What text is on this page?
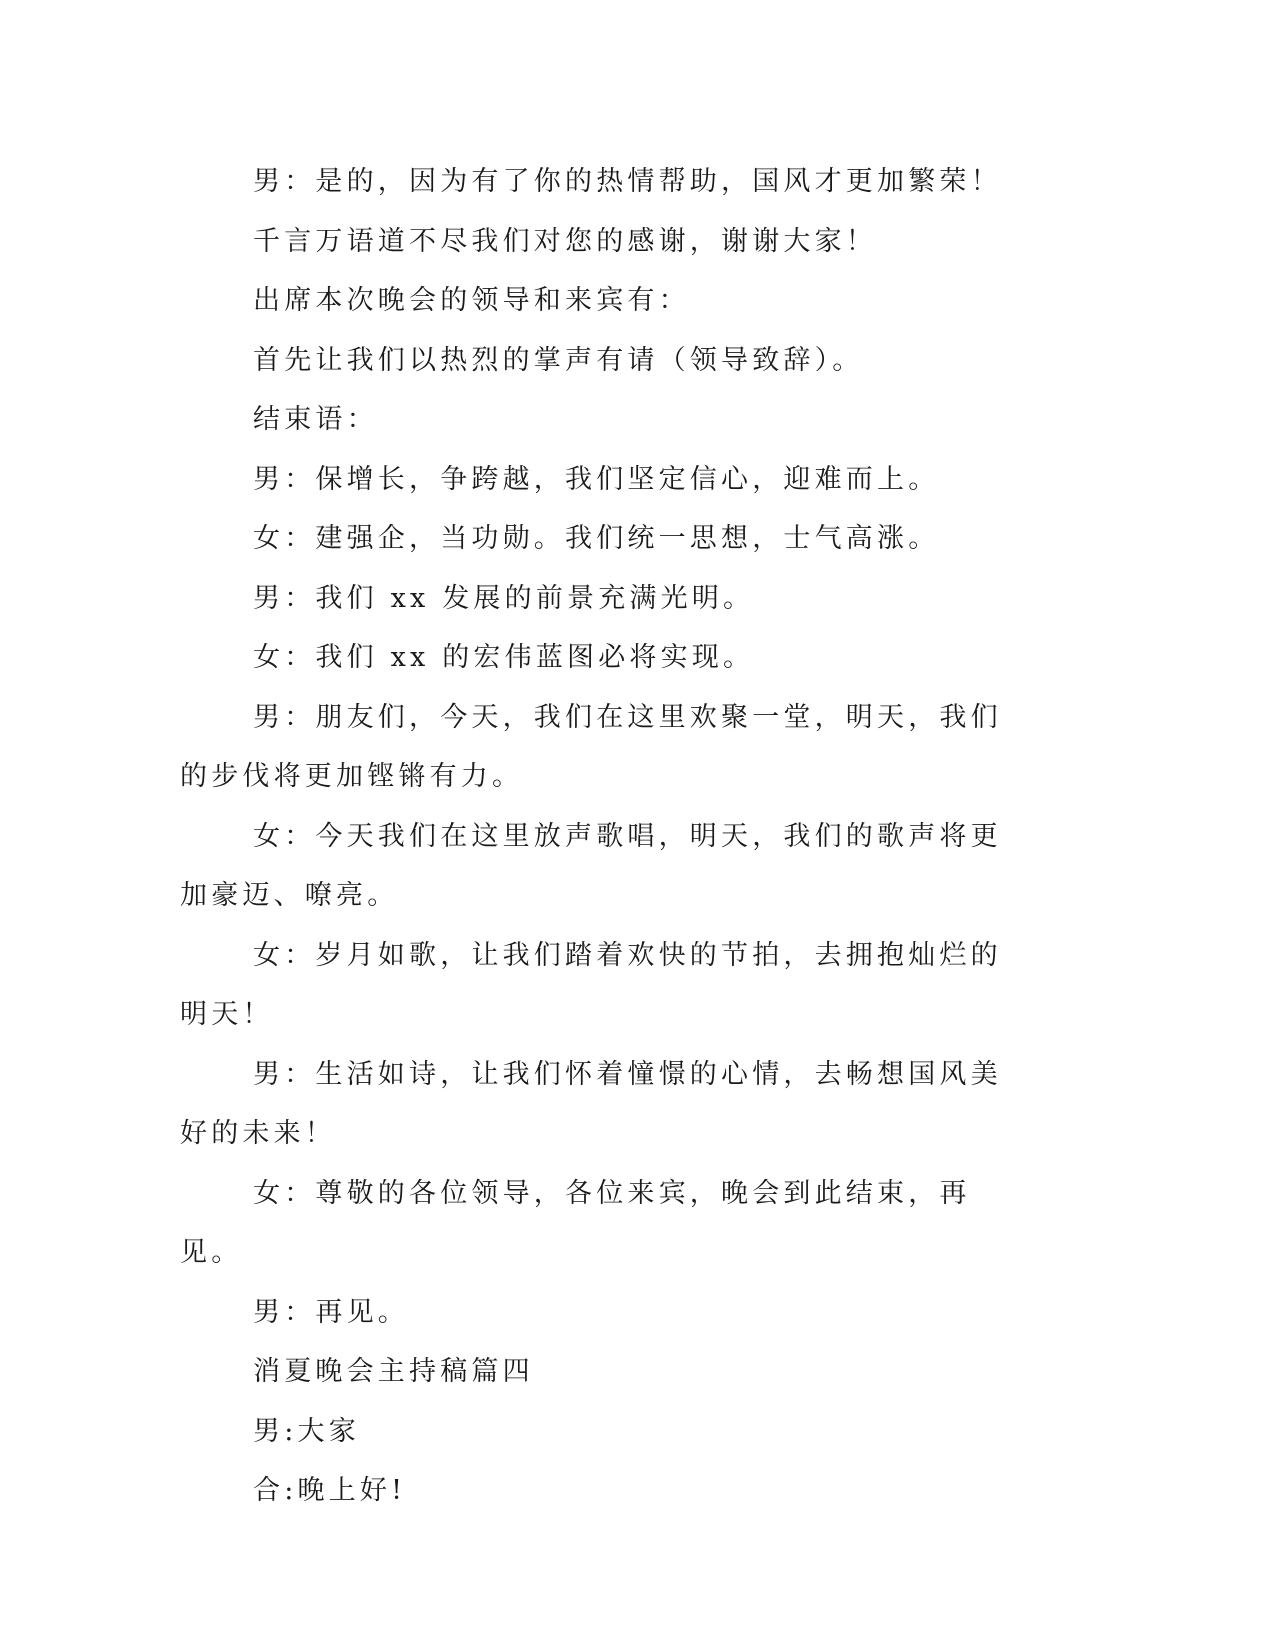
男：是的，因为有了你的热情帮助，国风才更加繁荣！

千言万语道不尽我们对您的感谢，谢谢大家！

出席本次晚会的领导和来宾有：

首先让我们以热烈的掌声有请（领导致辞）。

结束语：

男：保增长，争跨越，我们坚定信心，迎难而上。

女：建强企，当功勋。我们统一思想，士气高涨。

男：我们 xx 发展的前景充满光明。

女：我们 xx 的宏伟蓝图必将实现。

男：朋友们，今天，我们在这里欢聚一堂，明天，我们的步伐将更加铿锵有力。

女：今天我们在这里放声歌唱，明天，我们的歌声将更加豪迈、嘹亮。

女：岁月如歌，让我们踏着欢快的节拍，去拥抱灿烂的明天！

男：生活如诗，让我们怀着憧憬的心情，去畅想国风美好的未来！

女：尊敬的各位领导，各位来宾，晚会到此结束，再见。

男：再见。

消夏晚会主持稿篇四

男:大家

合:晚上好!
